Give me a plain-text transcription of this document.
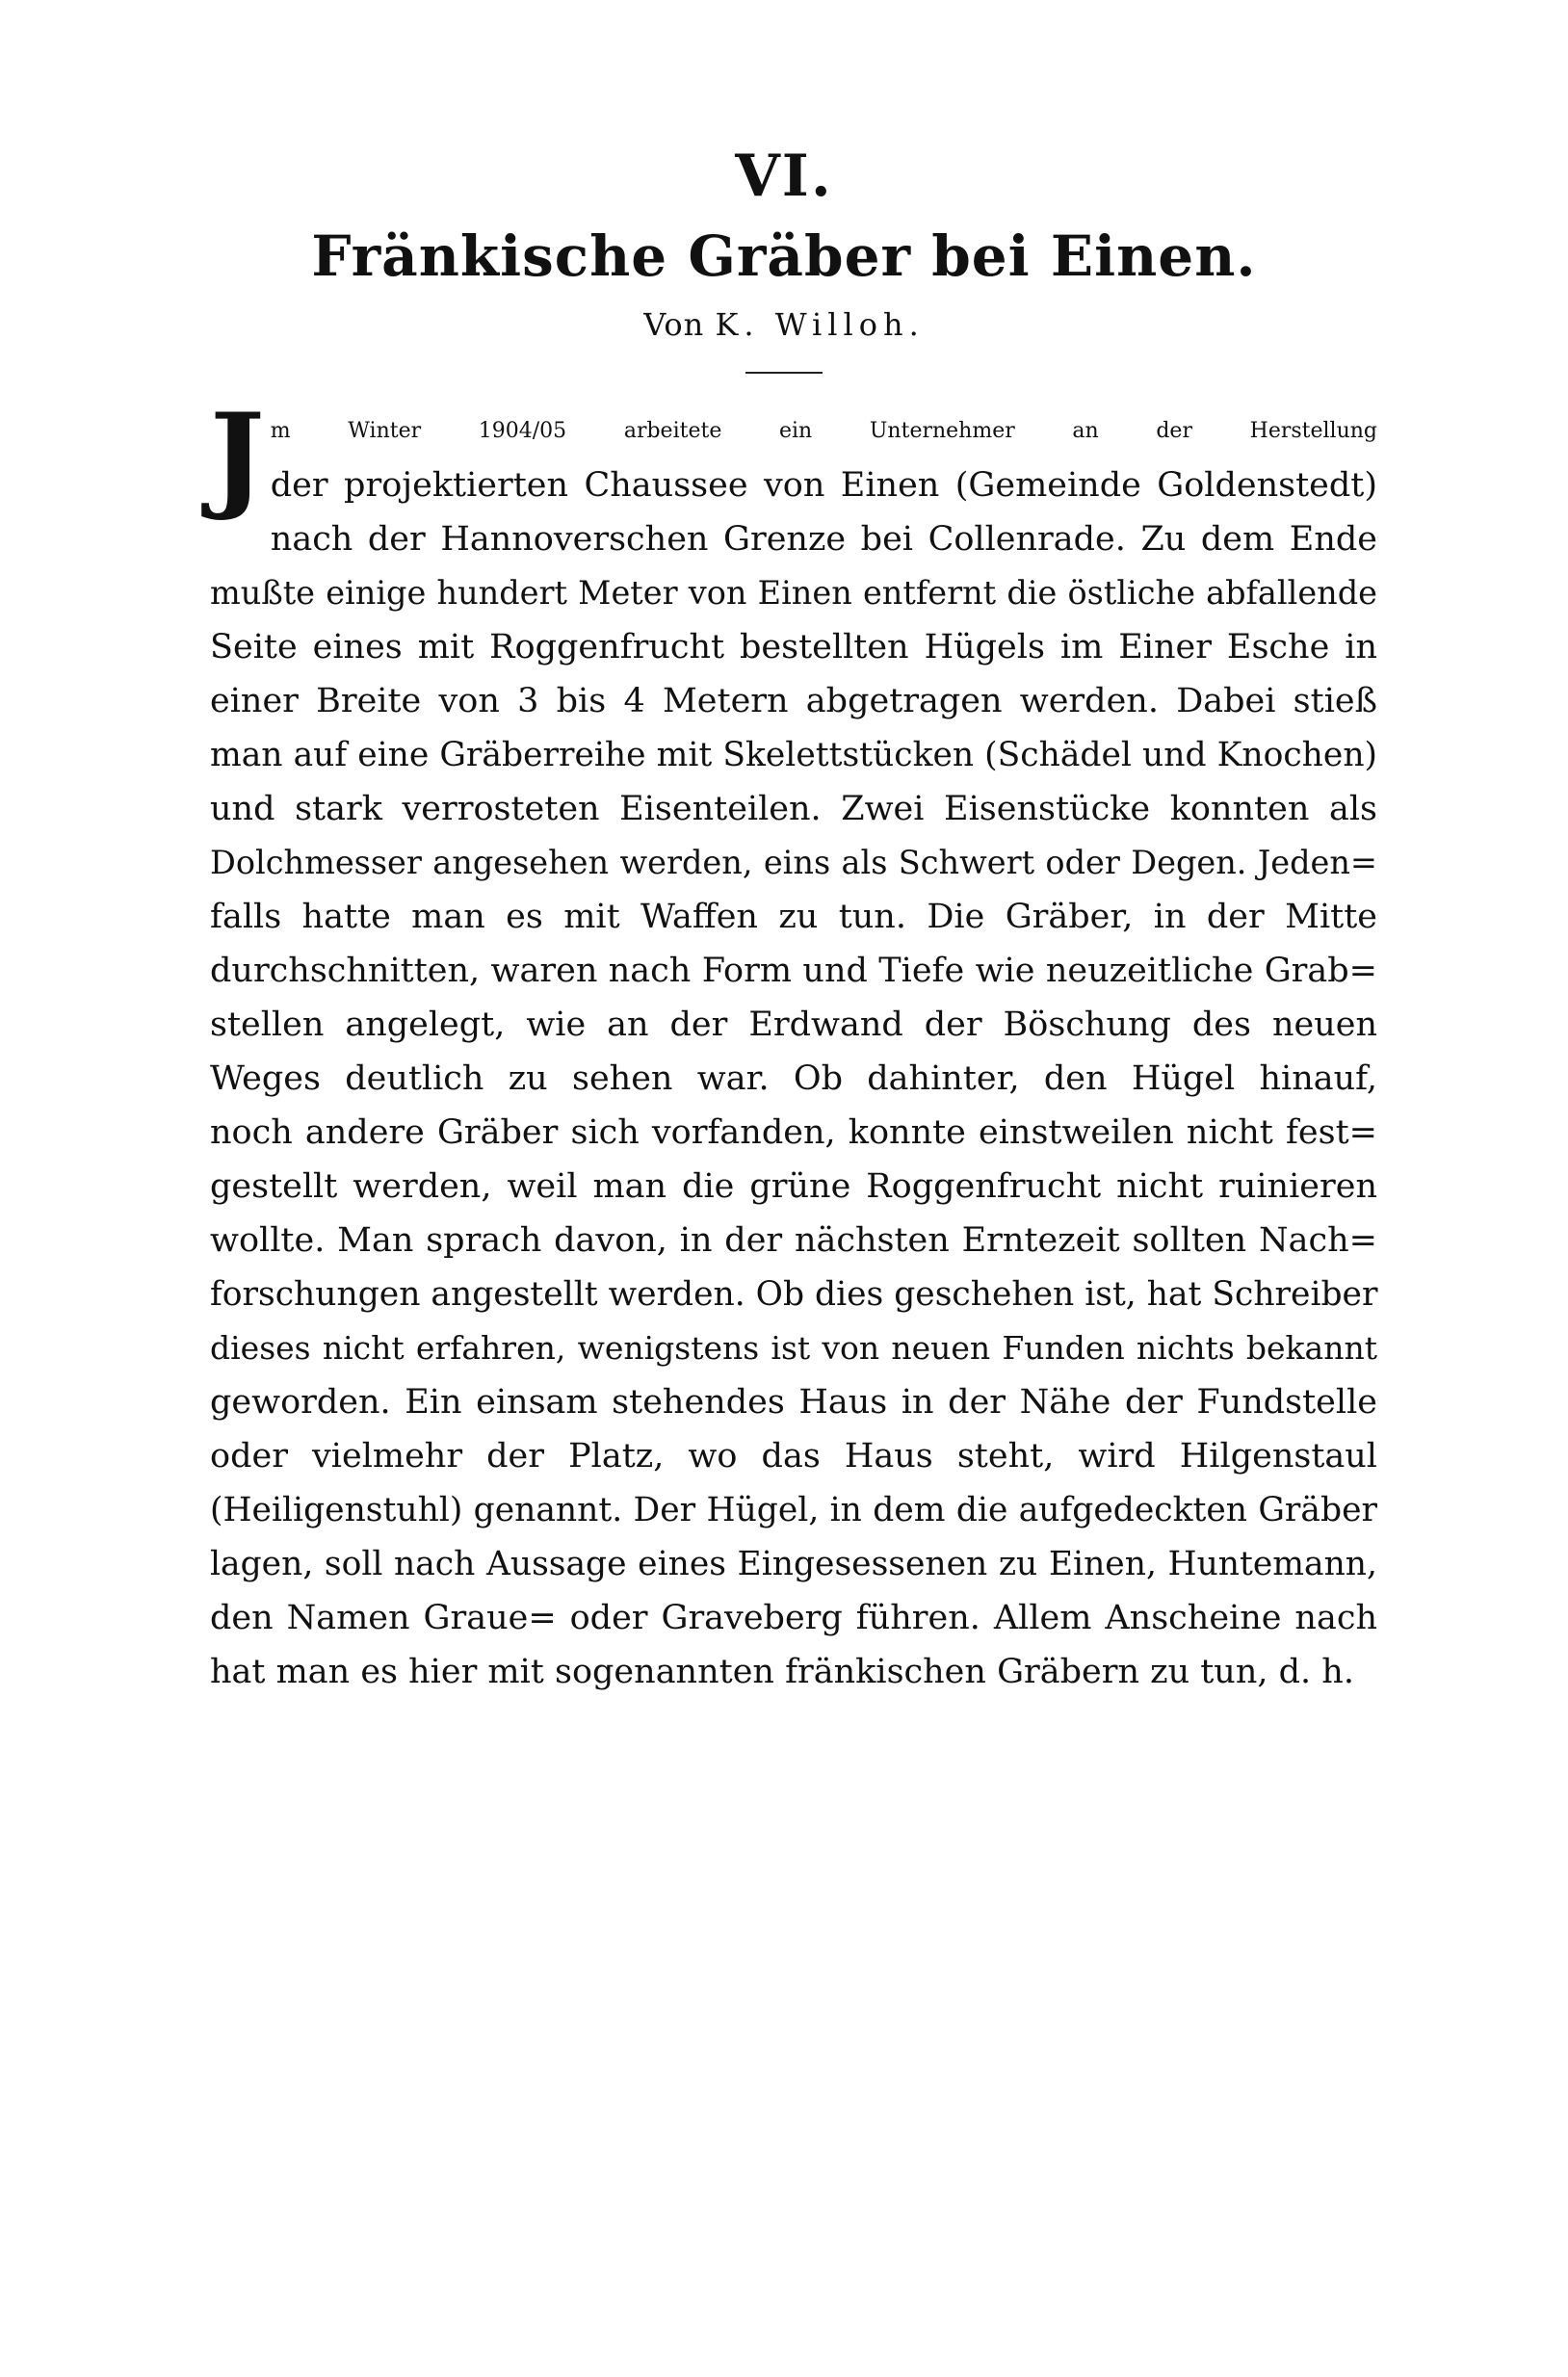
VI.
Fränkische Gräber bei Einen.
Von K. Willoh.
J m Winter 1904/05 arbeitete ein Unternehmer an der Herstellung
der projektierten Chaussee von Einen (Gemeinde Goldenstedt)
nach der Hannoverschen Grenze bei Collenrade. Zu dem Ende
mußte einige hundert Meter von Einen entfernt die östliche abfallende
Seite eines mit Roggenfrucht bestellten Hügels im Einer Esche in
einer Breite von 3 bis 4 Metern abgetragen werden. Dabei stieß
man auf eine Gräberreihe mit Skelettstücken (Schädel und Knochen)
und stark verrosteten Eisenteilen. Zwei Eisenstücke konnten als
Dolchmesser angesehen werden, eins als Schwert oder Degen. Jeden=
falls hatte man es mit Waffen zu tun. Die Gräber, in der Mitte
durchschnitten, waren nach Form und Tiefe wie neuzeitliche Grab=
stellen angelegt, wie an der Erdwand der Böschung des neuen
Weges deutlich zu sehen war. Ob dahinter, den Hügel hinauf,
noch andere Gräber sich vorfanden, konnte einstweilen nicht fest=
gestellt werden, weil man die grüne Roggenfrucht nicht ruinieren
wollte. Man sprach davon, in der nächsten Erntezeit sollten Nach=
forschungen angestellt werden. Ob dies geschehen ist, hat Schreiber
dieses nicht erfahren, wenigstens ist von neuen Funden nichts bekannt
geworden. Ein einsam stehendes Haus in der Nähe der Fundstelle
oder vielmehr der Platz, wo das Haus steht, wird Hilgenstaul
(Heiligenstuhl) genannt. Der Hügel, in dem die aufgedeckten Gräber
lagen, soll nach Aussage eines Eingesessenen zu Einen, Huntemann,
den Namen Graue= oder Graveberg führen. Allem Anscheine nach
hat man es hier mit sogenannten fränkischen Gräbern zu tun, d. h.
